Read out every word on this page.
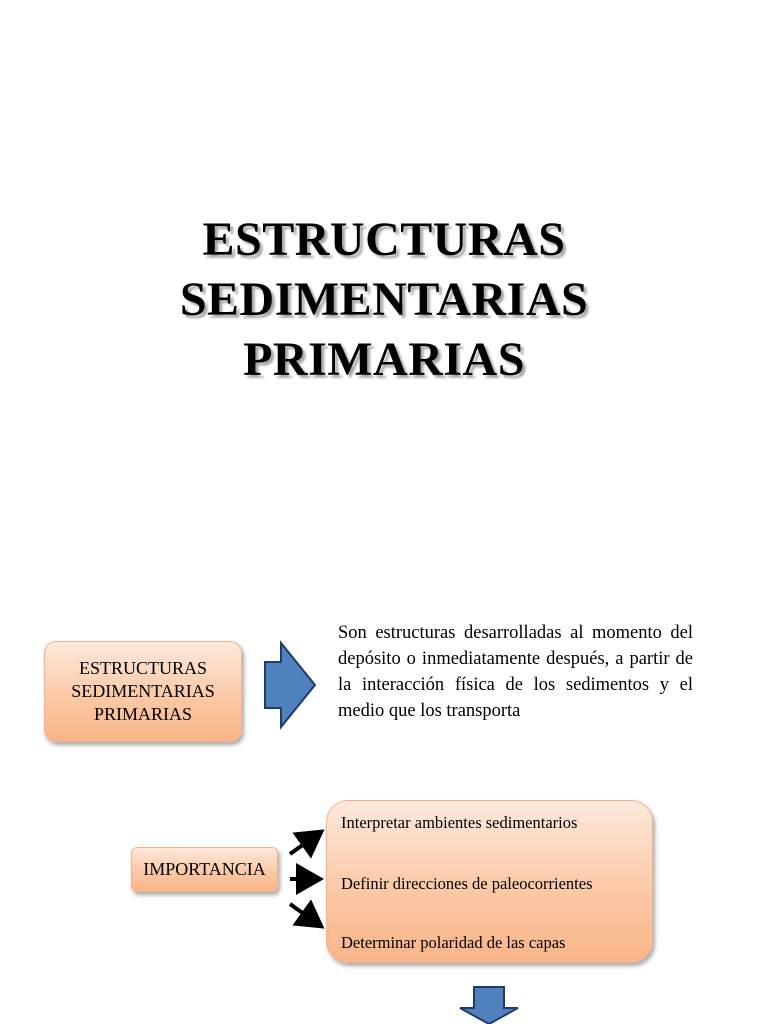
ESTRUCTURAS
SEDIMENTARIAS
PRIMARIAS
ESTRUCTURAS
SEDIMENTARIAS
PRIMARIAS

Son estructuras desarrolladas al momento del depósito o inmediatamente después, a partir de la interacción física de los sedimentos y el medio que los transporta

IMPORTANCIA
Interpretar ambientes sedimentarios
Definir direcciones de paleocorrientes
Determinar polaridad de las capas
